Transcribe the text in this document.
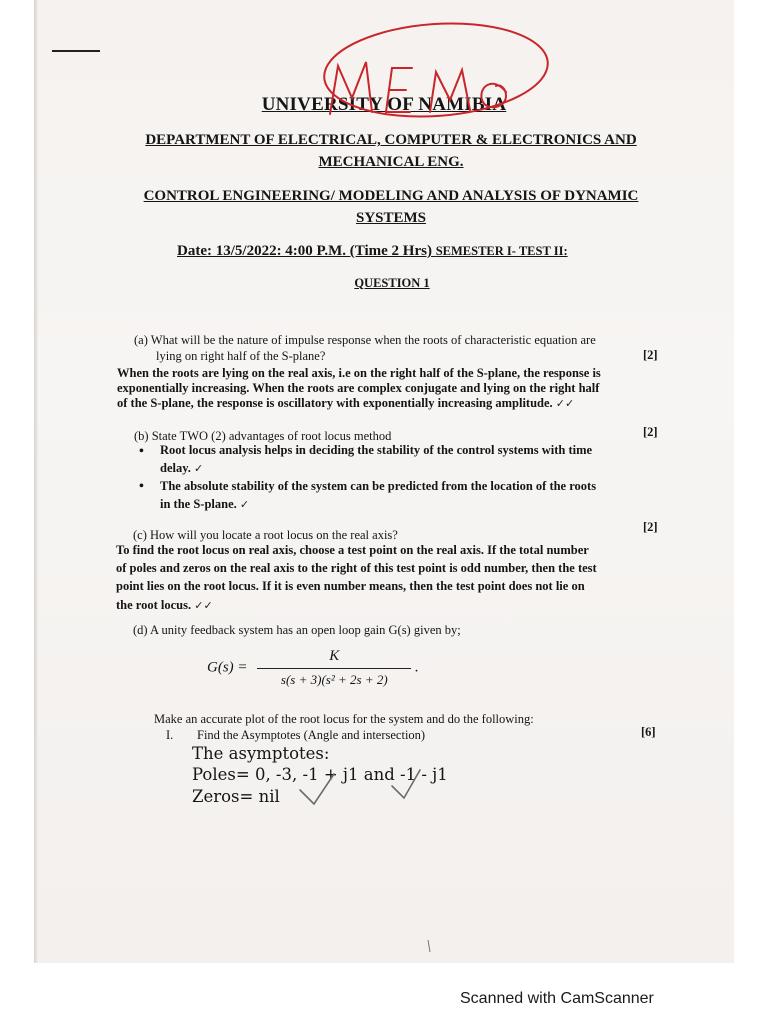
UNIVERSITY OF NAMIBIA
DEPARTMENT OF ELECTRICAL, COMPUTER & ELECTRONICS AND
MECHANICAL ENG.
CONTROL ENGINEERING/ MODELING AND ANALYSIS OF DYNAMIC
SYSTEMS
Date: 13/5/2022: 4:00 P.M. (Time 2 Hrs) SEMESTER I- TEST II:
QUESTION 1
(a) What will be the nature of impulse response when the roots of characteristic equation are
lying on right half of the S-plane?	[2]
When the roots are lying on the real axis, i.e on the right half of the S-plane, the response is
exponentially increasing. When the roots are complex conjugate and lying on the right half
of the S-plane, the response is oscillatory with exponentially increasing amplitude. ✓✓
(b) State TWO (2) advantages of root locus method	[2]
• Root locus analysis helps in deciding the stability of the control systems with time
delay. ✓
• The absolute stability of the system can be predicted from the location of the roots
in the S-plane. ✓
(c) How will you locate a root locus on the real axis?
[2]
To find the root locus on real axis, choose a test point on the real axis. If the total number
of poles and zeros on the real axis to the right of this test point is odd number, then the test
point lies on the root locus. If it is even number means, then the test point does not lie on
the root locus. ✓✓
(d) A unity feedback system has an open loop gain G(s) given by;
$G(s) = \frac{K}{\text{s(s + 3)(s² + 2s + 2)}}$ .
Make an accurate plot of the root locus for the system and do the following:
I. Find the Asymptotes (Angle and intersection)	[6]
The asymptotes:
Poles= 0, -3, -1 + j1 and -1 - j1
Zeros= nil
Scanned with CamScanner
